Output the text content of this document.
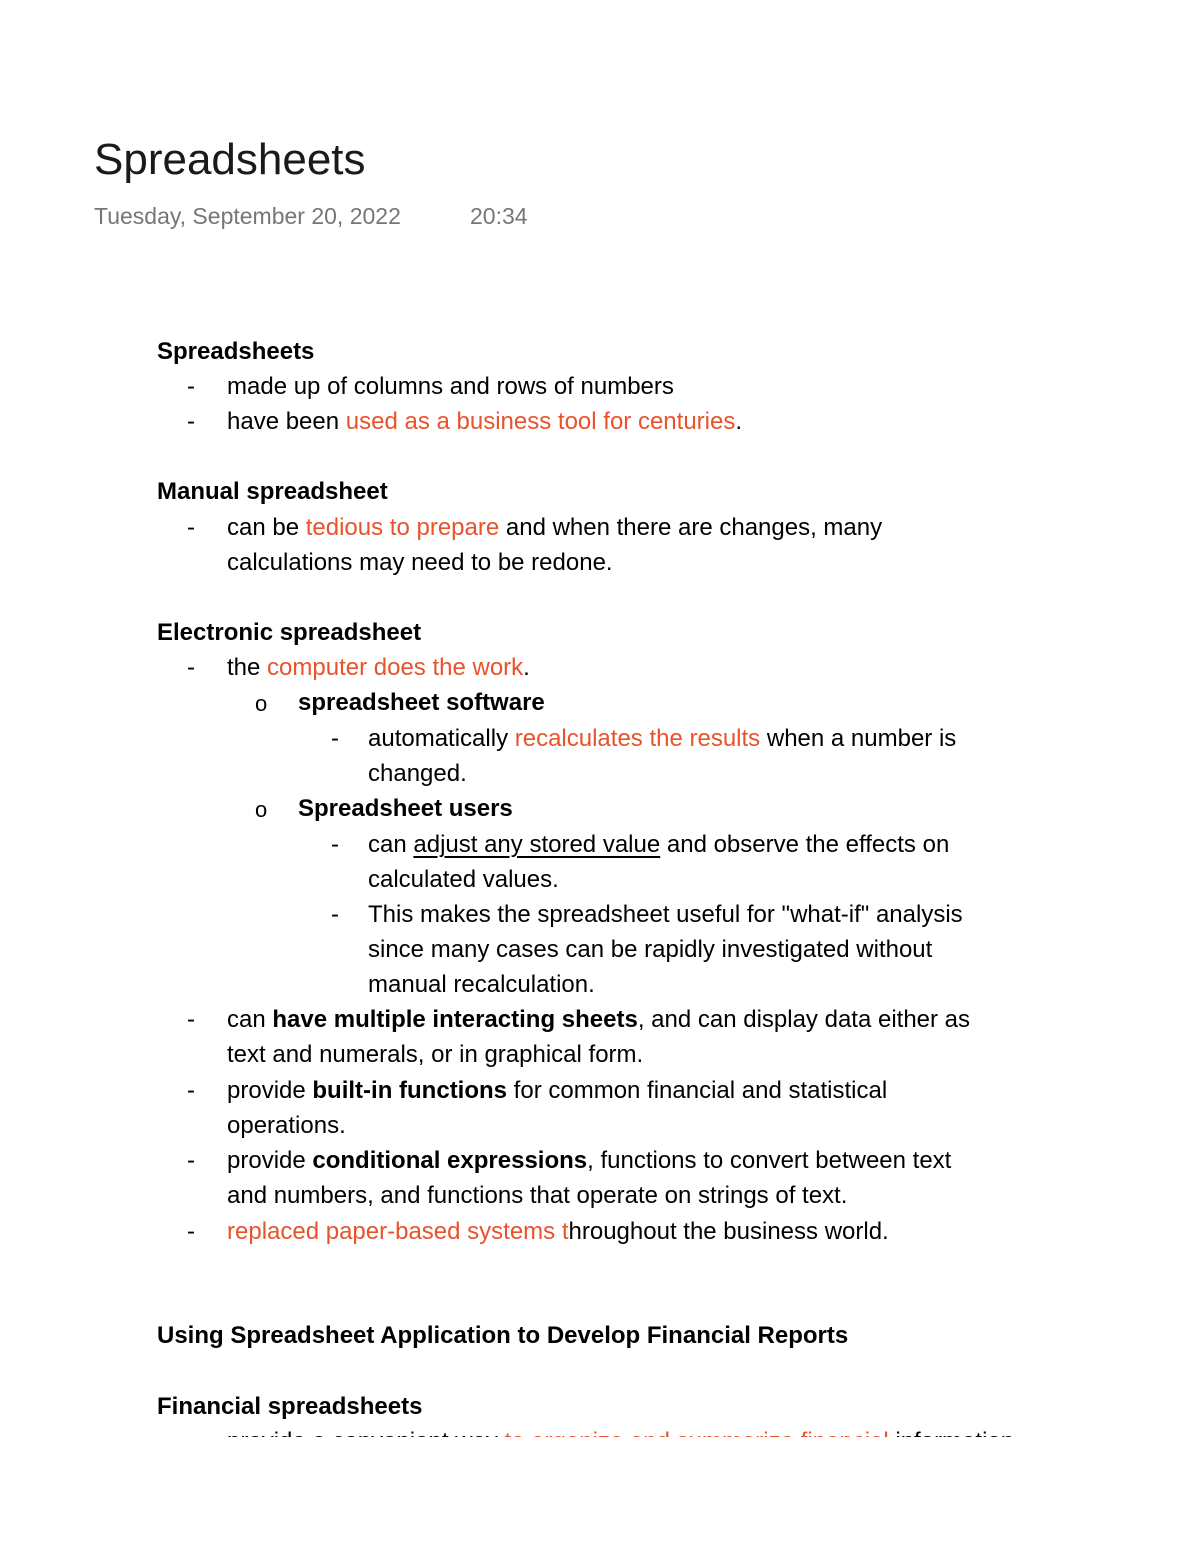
Spreadsheets
Tuesday, September 20, 2022	20:34
Spreadsheets
- made up of columns and rows of numbers
- have been used as a business tool for centuries.
Manual spreadsheet
- can be tedious to prepare and when there are changes, many
calculations may need to be redone.
Electronic spreadsheet
- the computer does the work.
o spreadsheet software
- automatically recalculates the results when a number is
changed.
o Spreadsheet users
- can adjust any stored value and observe the effects on
calculated values.
- This makes the spreadsheet useful for "what-if" analysis
since many cases can be rapidly investigated without
manual recalculation.
- can have multiple interacting sheets, and can display data either as
text and numerals, or in graphical form.
- provide built-in functions for common financial and statistical
operations.
- provide conditional expressions, functions to convert between text
and numbers, and functions that operate on strings of text.
- replaced paper-based systems throughout the business world.
Using Spreadsheet Application to Develop Financial Reports
Financial spreadsheets
